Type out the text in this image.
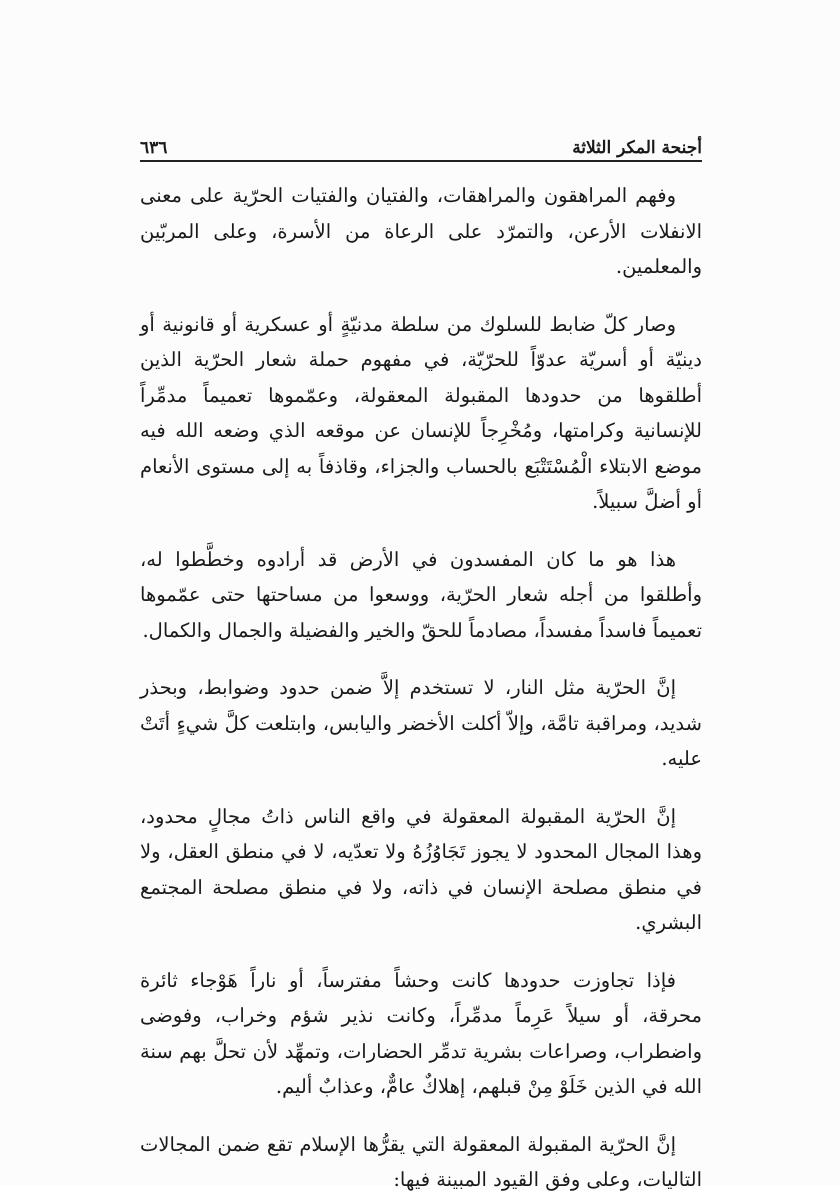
أجنحة المكر الثلاثة
٦٣٦

وفهم المراهقون والمراهقات، والفتيان والفتيات الحرّية على معنى الانفلات الأرعن، والتمرّد على الرعاة من الأسرة، وعلى المربّين والمعلمين.

وصار كلّ ضابط للسلوك من سلطة مدنيّةٍ أو عسكرية أو قانونية أو دينيّة أو أسريّة عدوّاً للحرّيّة، في مفهوم حملة شعار الحرّية الذين أطلقوها من حدودها المقبولة المعقولة، وعمّموها تعميماً مدمِّراً للإنسانية وكرامتها، ومُخْرِجاً للإنسان عن موقعه الذي وضعه الله فيه موضع الابتلاء الْمُسْتَتْبَع بالحساب والجزاء، وقاذفاً به إلى مستوى الأنعام أو أضلَّ سبيلاً.

هذا هو ما كان المفسدون في الأرض قد أرادوه وخطَّطوا له، وأطلقوا من أجله شعار الحرّية، ووسعوا من مساحتها حتى عمّموها تعميماً فاسداً مفسداً، مصادماً للحقّ والخير والفضيلة والجمال والكمال.

إنَّ الحرّية مثل النار، لا تستخدم إلاَّ ضمن حدود وضوابط، وبحذر شديد، ومراقبة تامَّة، وإلاّ أكلت الأخضر واليابس، وابتلعت كلَّ شيءٍ أتَتْ عليه.

إنَّ الحرّية المقبولة المعقولة في واقع الناس ذاتُ مجالٍ محدود، وهذا المجال المحدود لا يجوز تَجَاوُزُهُ ولا تعدّيه، لا في منطق العقل، ولا في منطق مصلحة الإنسان في ذاته، ولا في منطق مصلحة المجتمع البشري.

فإذا تجاوزت حدودها كانت وحشاً مفترساً، أو ناراً هَوْجاء ثائرة محرقة، أو سيلاً عَرِماً مدمِّراً، وكانت نذير شؤم وخراب، وفوضى واضطراب، وصراعات بشرية تدمِّر الحضارات، وتمهِّد لأن تحلَّ بهم سنة الله في الذين خَلَوْ مِنْ قبلهم، إهلاكٌ عامٌّ، وعذابٌ أليم.

إنَّ الحرّية المقبولة المعقولة التي يقرُّها الإسلام تقع ضمن المجالات التاليات، وعلى وفق القيود المبينة فيها:
